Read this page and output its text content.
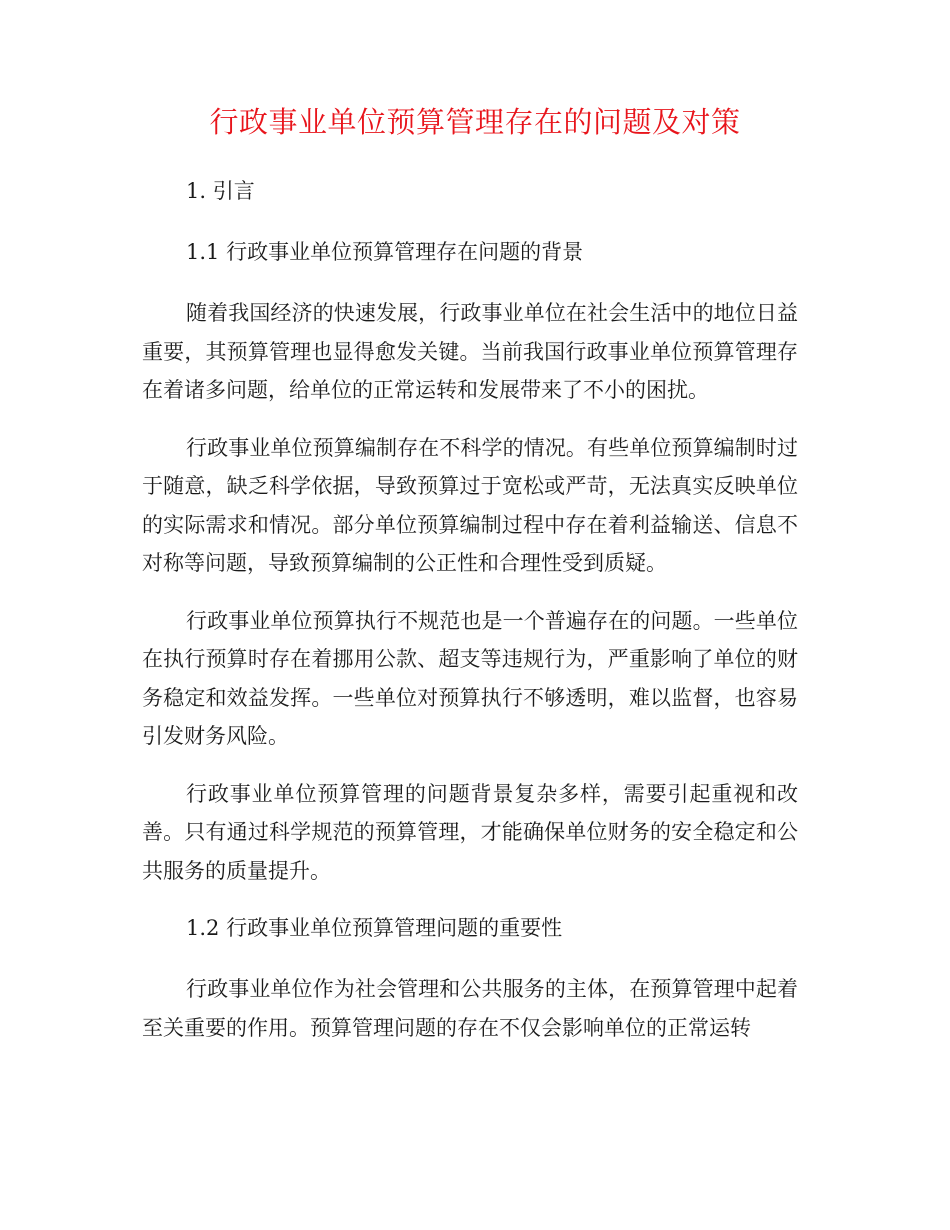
行政事业单位预算管理存在的问题及对策

1. 引言

1.1 行政事业单位预算管理存在问题的背景

随着我国经济的快速发展，行政事业单位在社会生活中的地位日益重要，其预算管理也显得愈发关键。当前我国行政事业单位预算管理存在着诸多问题，给单位的正常运转和发展带来了不小的困扰。

行政事业单位预算编制存在不科学的情况。有些单位预算编制时过于随意，缺乏科学依据，导致预算过于宽松或严苛，无法真实反映单位的实际需求和情况。部分单位预算编制过程中存在着利益输送、信息不对称等问题，导致预算编制的公正性和合理性受到质疑。

行政事业单位预算执行不规范也是一个普遍存在的问题。一些单位在执行预算时存在着挪用公款、超支等违规行为，严重影响了单位的财务稳定和效益发挥。一些单位对预算执行不够透明，难以监督，也容易引发财务风险。

行政事业单位预算管理的问题背景复杂多样，需要引起重视和改善。只有通过科学规范的预算管理，才能确保单位财务的安全稳定和公共服务的质量提升。

1.2 行政事业单位预算管理问题的重要性

行政事业单位作为社会管理和公共服务的主体，在预算管理中起着至关重要的作用。预算管理问题的存在不仅会影响单位的正常运转
